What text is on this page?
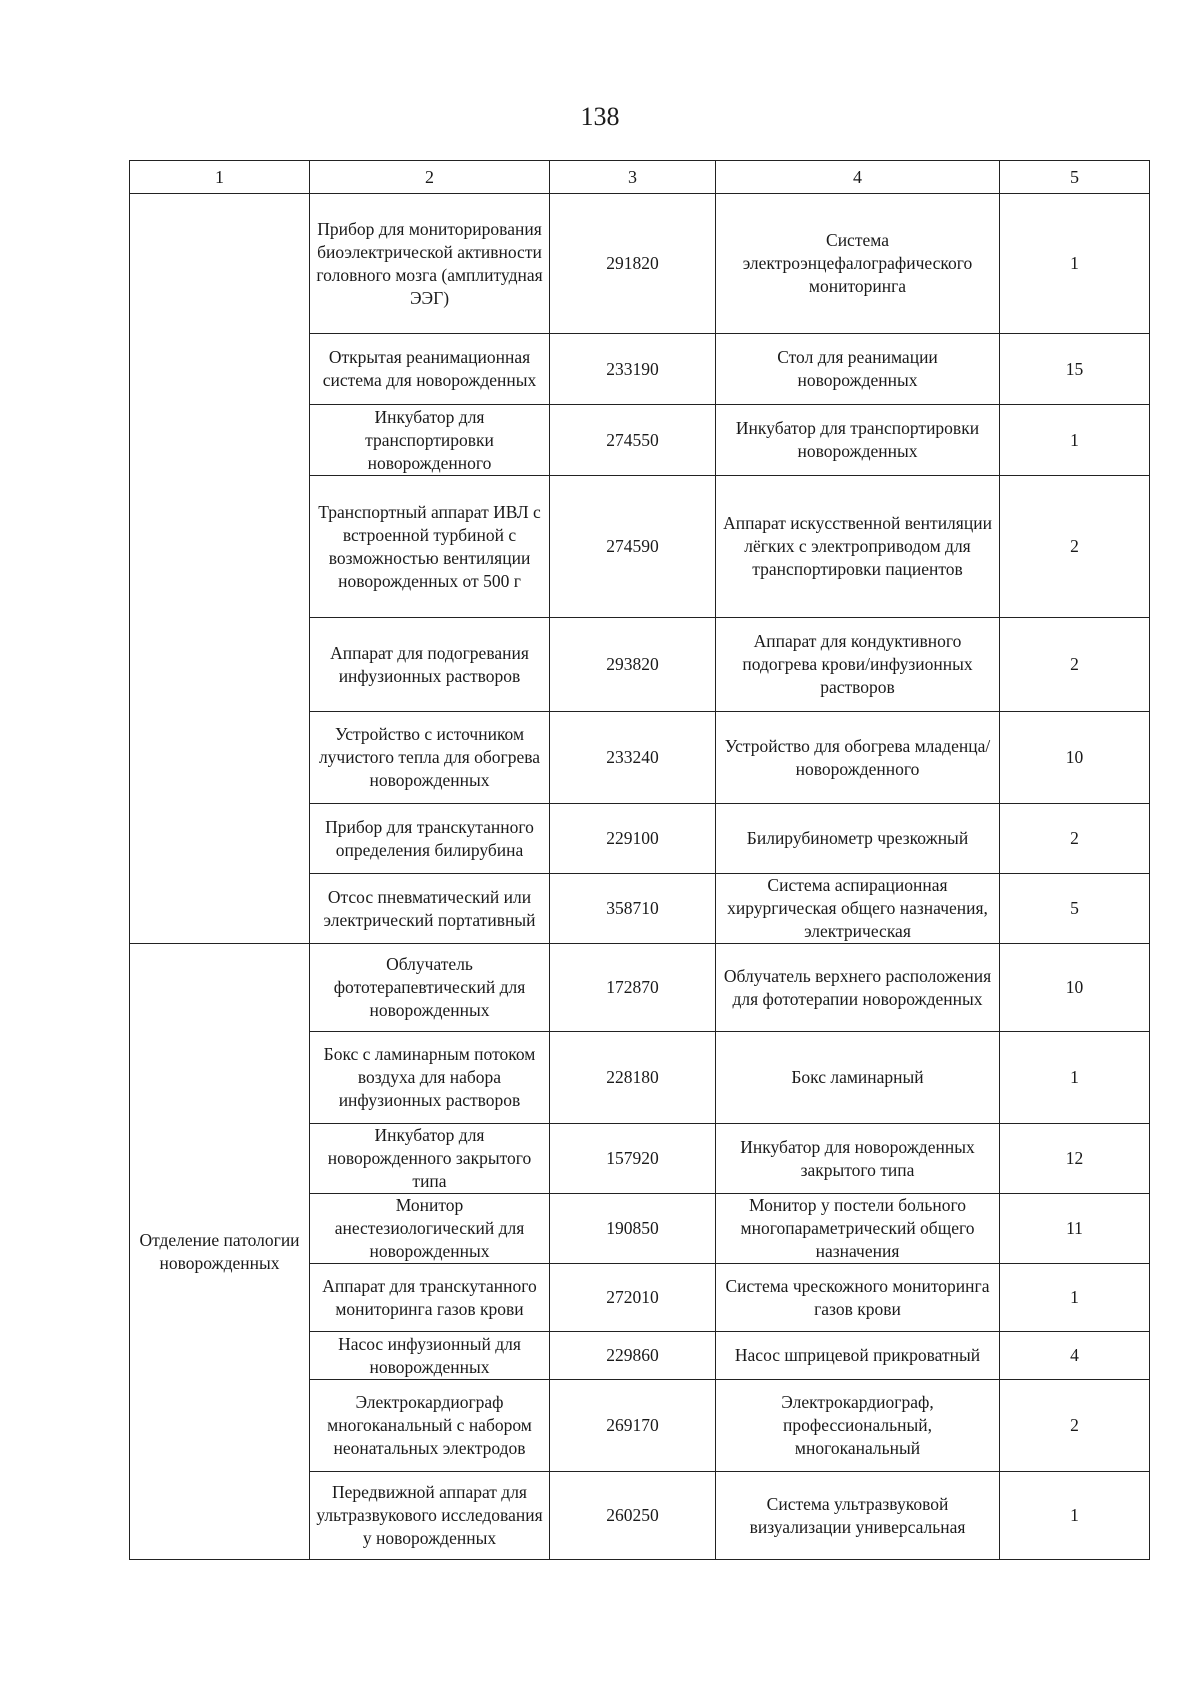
138
1	2	3	4	5
	Прибор для мониторирования биоэлектрической активности головного мозга (амплитудная ЭЭГ)	291820	Система электроэнцефалографического мониторинга	1
	Открытая реанимационная система для новорожденных	233190	Стол для реанимации новорожденных	15
	Инкубатор для транспортировки новорожденного	274550	Инкубатор для транспортировки новорожденных	1
	Транспортный аппарат ИВЛ с встроенной турбиной с возможностью вентиляции новорожденных от 500 г	274590	Аппарат искусственной вентиляции лёгких с электроприводом для транспортировки пациентов	2
	Аппарат для подогревания инфузионных растворов	293820	Аппарат для кондуктивного подогрева крови/инфузионных растворов	2
	Устройство с источником лучистого тепла для обогрева новорожденных	233240	Устройство для обогрева младенца/новорожденного	10
	Прибор для транскутанного определения билирубина	229100	Билирубинометр чрезкожный	2
	Отсос пневматический или электрический портативный	358710	Система аспирационная хирургическая общего назначения, электрическая	5
Отделение патологии новорожденных	Облучатель фототерапевтический для новорожденных	172870	Облучатель верхнего расположения для фототерапии новорожденных	10
	Бокс с ламинарным потоком воздуха для набора инфузионных растворов	228180	Бокс ламинарный	1
	Инкубатор для новорожденного закрытого типа	157920	Инкубатор для новорожденных закрытого типа	12
	Монитор анестезиологический для новорожденных	190850	Монитор у постели больного многопараметрический общего назначения	11
	Аппарат для транскутанного мониторинга газов крови	272010	Система чрескожного мониторинга газов крови	1
	Насос инфузионный для новорожденных	229860	Насос шприцевой прикроватный	4
	Электрокардиограф многоканальный с набором неонатальных электродов	269170	Электрокардиограф, профессиональный, многоканальный	2
	Передвижной аппарат для ультразвукового исследования у новорожденных	260250	Система ультразвуковой визуализации универсальная	1
